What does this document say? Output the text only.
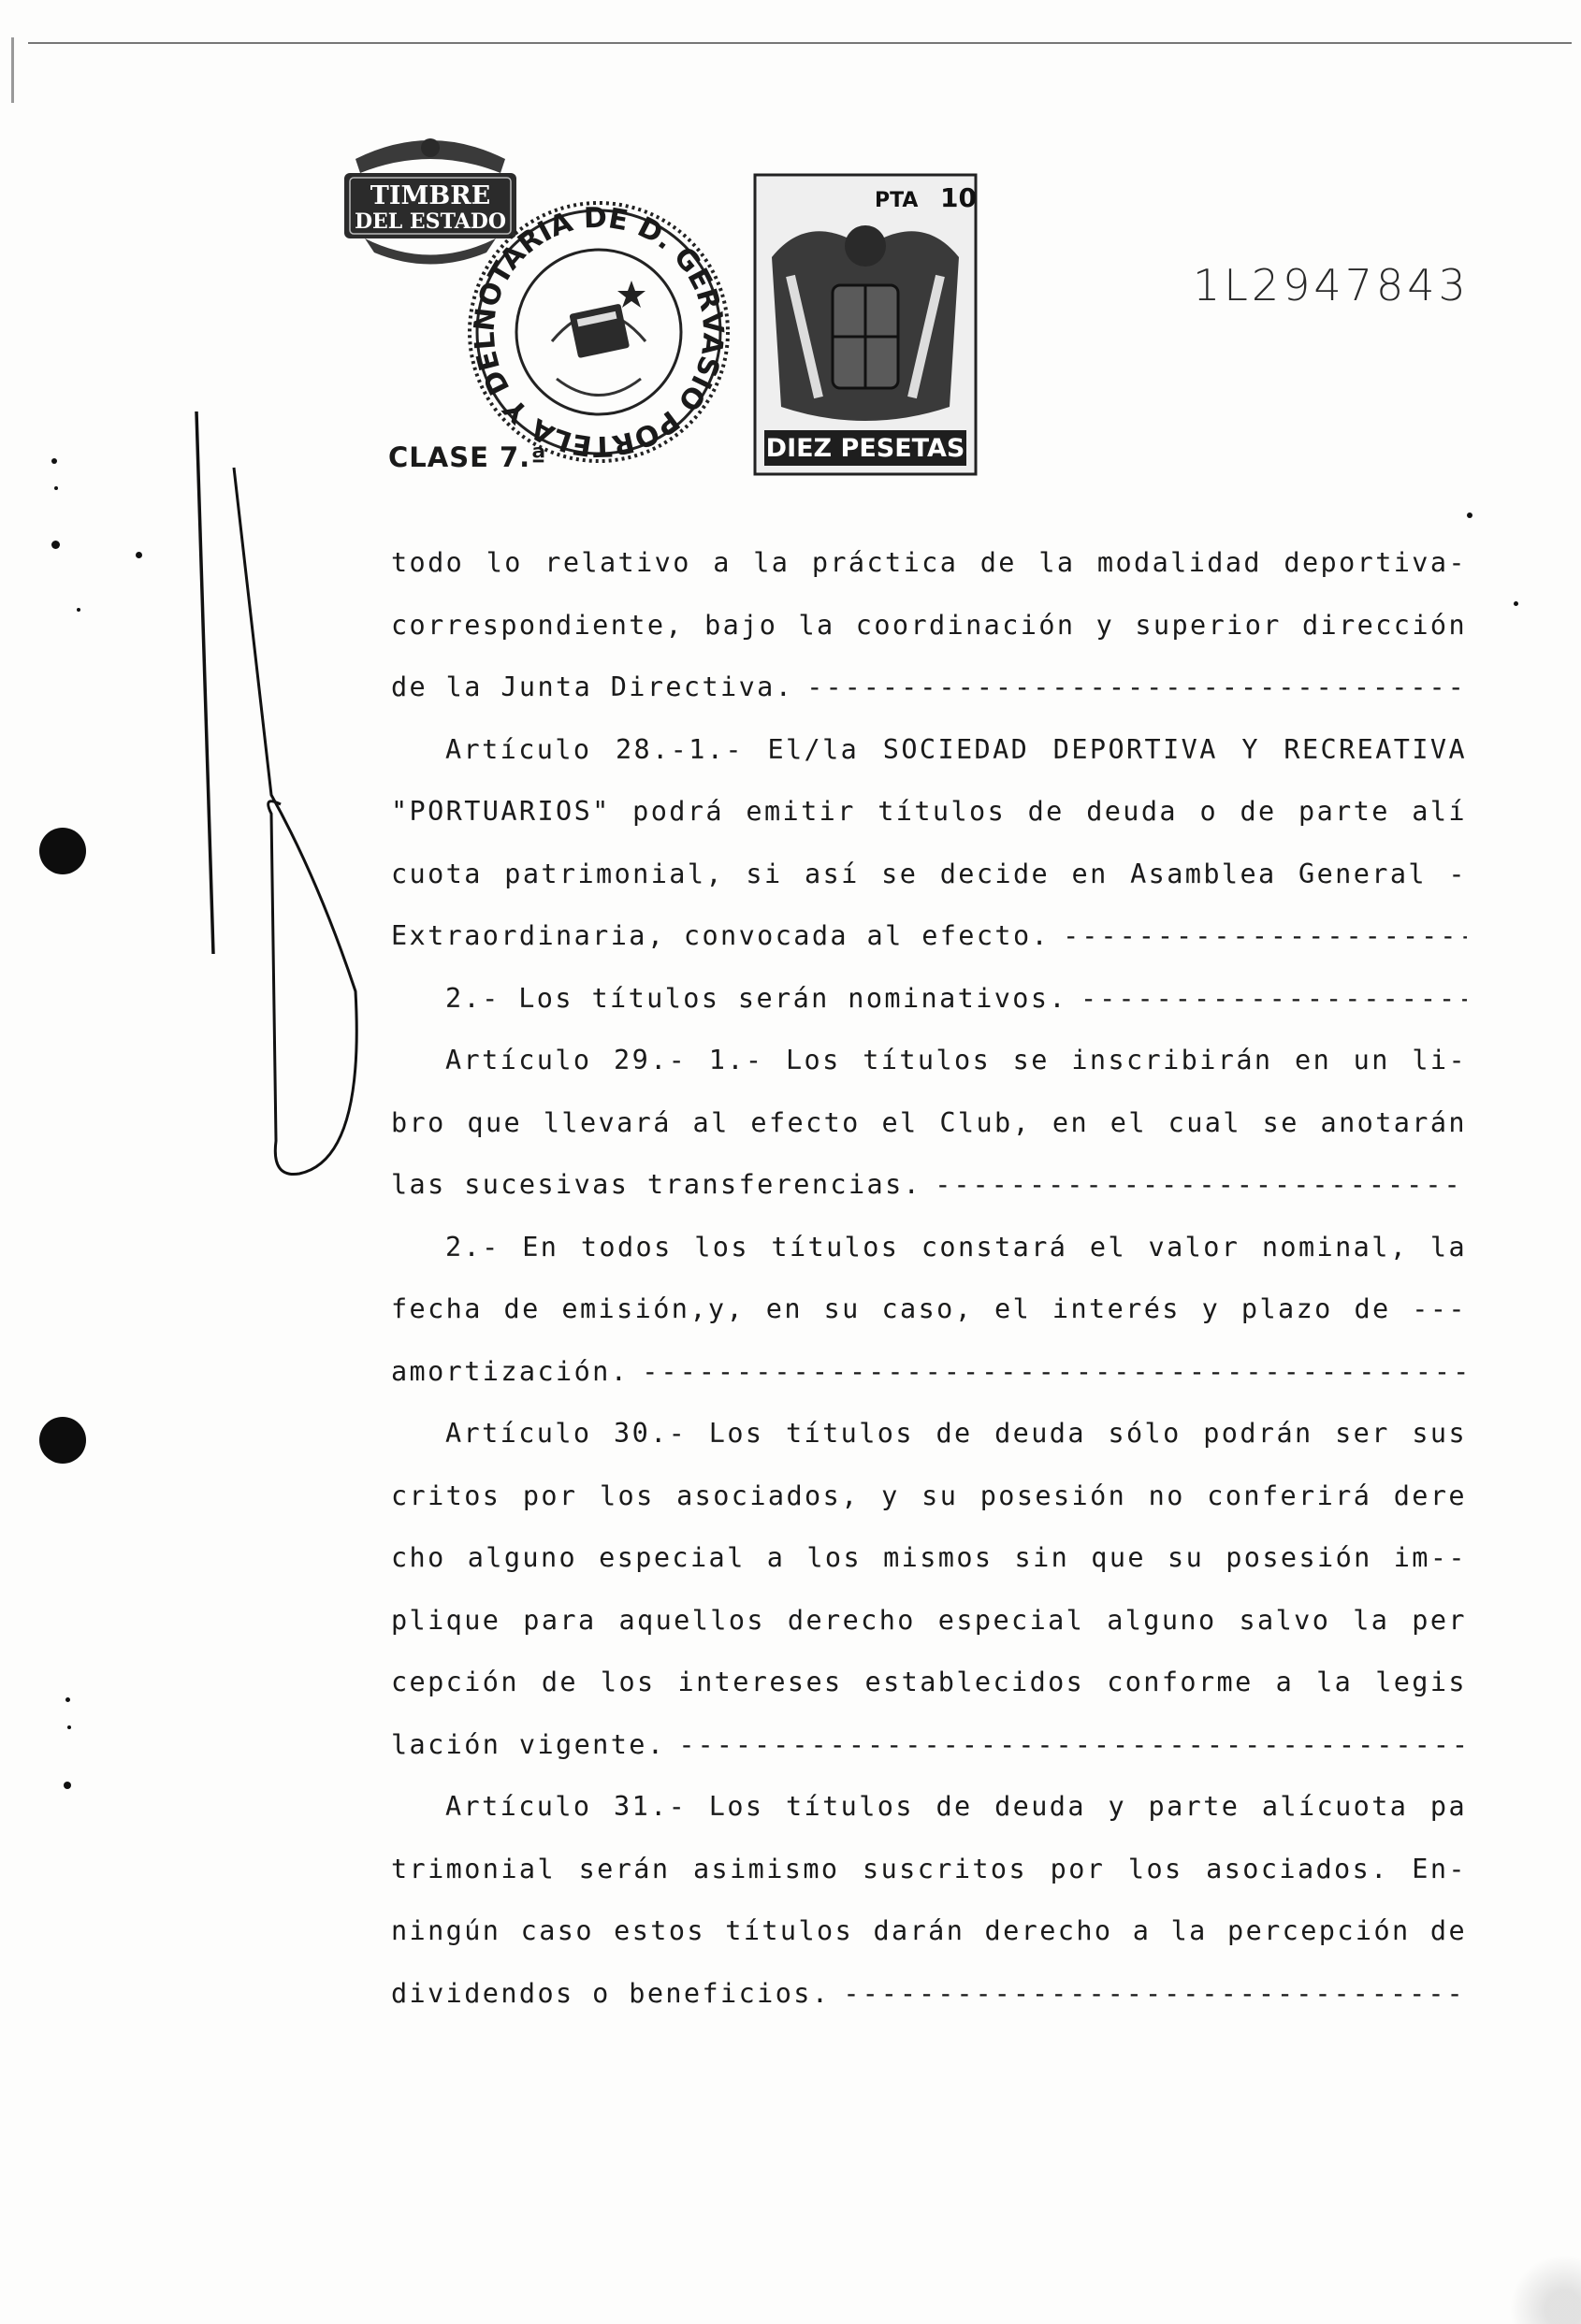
TIMBRE
DEL ESTADO
NOTARIA DE D. GERVASIO PORTELA Y DEL
PTA 10
DIEZ PESETAS
CLASE 7.ª
1L2947843
todo lo relativo a la práctica de la modalidad deportiva-
correspondiente, bajo la coordinación y superior dirección
de la Junta Directiva.
-----
Artículo 28.-1.- El/la SOCIEDAD DEPORTIVA Y RECREATIVA
"PORTUARIOS" podrá emitir títulos de deuda o de parte alí
cuota patrimonial, si así se decide en Asamblea General -
Extraordinaria, convocada al efecto.
-----
2.- Los títulos serán nominativos.
-----
Artículo 29.- 1.- Los títulos se inscribirán en un li-
bro que llevará al efecto el Club, en el cual se anotarán
las sucesivas transferencias.
-----
2.- En todos los títulos constará el valor nominal, la
fecha de emisión,y, en su caso, el interés y plazo de ---
amortización.
-----
Artículo 30.- Los títulos de deuda sólo podrán ser sus
critos por los asociados, y su posesión no conferirá dere
cho alguno especial a los mismos sin que su posesión im--
plique para aquellos derecho especial alguno salvo la per
cepción de los intereses establecidos conforme a la legis
lación vigente.
-----
Artículo 31.- Los títulos de deuda y parte alícuota pa
trimonial serán asimismo suscritos por los asociados. En-
ningún caso estos títulos darán derecho a la percepción de
dividendos o beneficios.
-----
